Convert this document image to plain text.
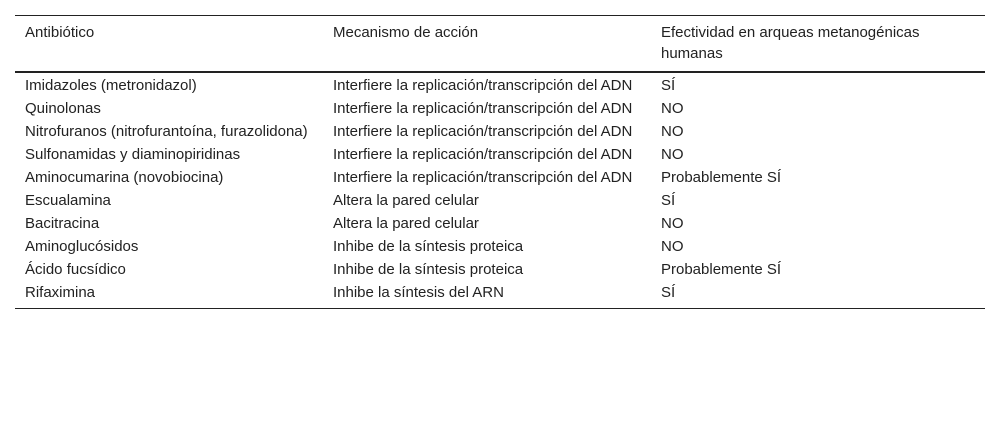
Antibiótico	Mecanismo de acción	Efectividad en arqueas metanogénicas humanas
Imidazoles (metronidazol)	Interfiere la replicación/transcripción del ADN	SÍ
Quinolonas	Interfiere la replicación/transcripción del ADN	NO
Nitrofuranos (nitrofurantoína, furazolidona)	Interfiere la replicación/transcripción del ADN	NO
Sulfonamidas y diaminopiridinas	Interfiere la replicación/transcripción del ADN	NO
Aminocumarina (novobiocina)	Interfiere la replicación/transcripción del ADN	Probablemente SÍ
Escualamina	Altera la pared celular	SÍ
Bacitracina	Altera la pared celular	NO
Aminoglucósidos	Inhibe de la síntesis proteica	NO
Ácido fucsídico	Inhibe de la síntesis proteica	Probablemente SÍ
Rifaximina	Inhibe la síntesis del ARN	SÍ
